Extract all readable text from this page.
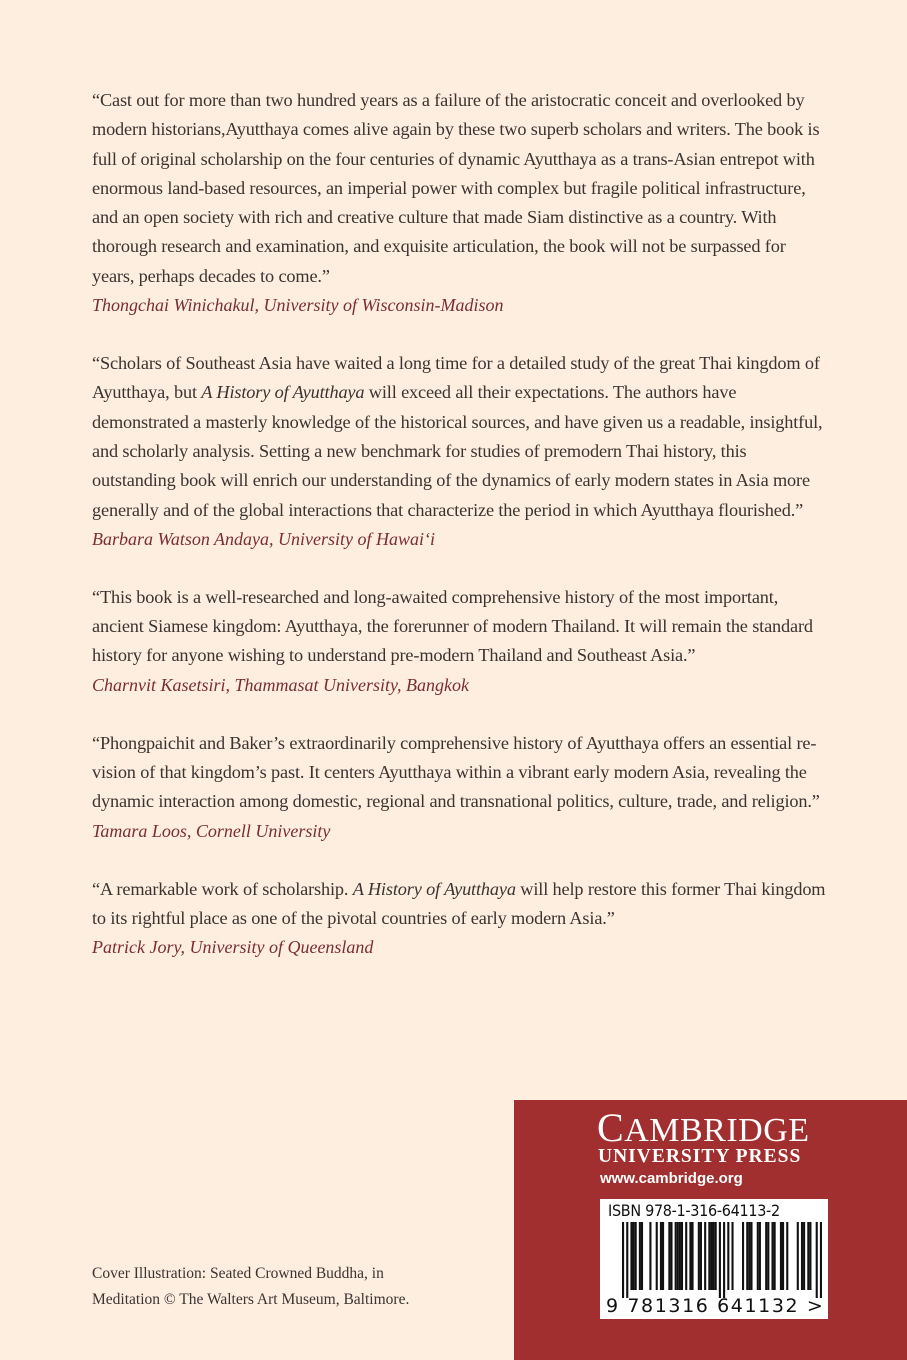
“Cast out for more than two hundred years as a failure of the aristocratic conceit and overlooked by modern historians,Ayutthaya comes alive again by these two superb scholars and writers. The book is full of original scholarship on the four centuries of dynamic Ayutthaya as a trans-Asian entrepot with enormous land-based resources, an imperial power with complex but fragile political infrastructure, and an open society with rich and creative culture that made Siam distinctive as a country. With thorough research and examination, and exquisite articulation, the book will not be surpassed for years, perhaps decades to come.”

Thongchai Winichakul, University of Wisconsin-Madison

“Scholars of Southeast Asia have waited a long time for a detailed study of the great Thai kingdom of Ayutthaya, but A History of Ayutthaya will exceed all their expectations. The authors have demonstrated a masterly knowledge of the historical sources, and have given us a readable, insightful, and scholarly analysis. Setting a new benchmark for studies of premodern Thai history, this outstanding book will enrich our understanding of the dynamics of early modern states in Asia more generally and of the global interactions that characterize the period in which Ayutthaya flourished.”

Barbara Watson Andaya, University of Hawai‘i

“This book is a well-researched and long-awaited comprehensive history of the most important, ancient Siamese kingdom: Ayutthaya, the forerunner of modern Thailand. It will remain the standard history for anyone wishing to understand pre-modern Thailand and Southeast Asia.”

Charnvit Kasetsiri, Thammasat University, Bangkok

“Phongpaichit and Baker’s extraordinarily comprehensive history of Ayutthaya offers an essential re-vision of that kingdom’s past. It centers Ayutthaya within a vibrant early modern Asia, revealing the dynamic interaction among domestic, regional and transnational politics, culture, trade, and religion.”

Tamara Loos, Cornell University

“A remarkable work of scholarship. A History of Ayutthaya will help restore this former Thai kingdom to its rightful place as one of the pivotal countries of early modern Asia.”

Patrick Jory, University of Queensland

Cover Illustration: Seated Crowned Buddha, in
Meditation © The Walters Art Museum, Baltimore.
CAMBRIDGE
UNIVERSITY PRESS
www.cambridge.org
ISBN 978-1-316-64113-2
9 781316 641132 >
